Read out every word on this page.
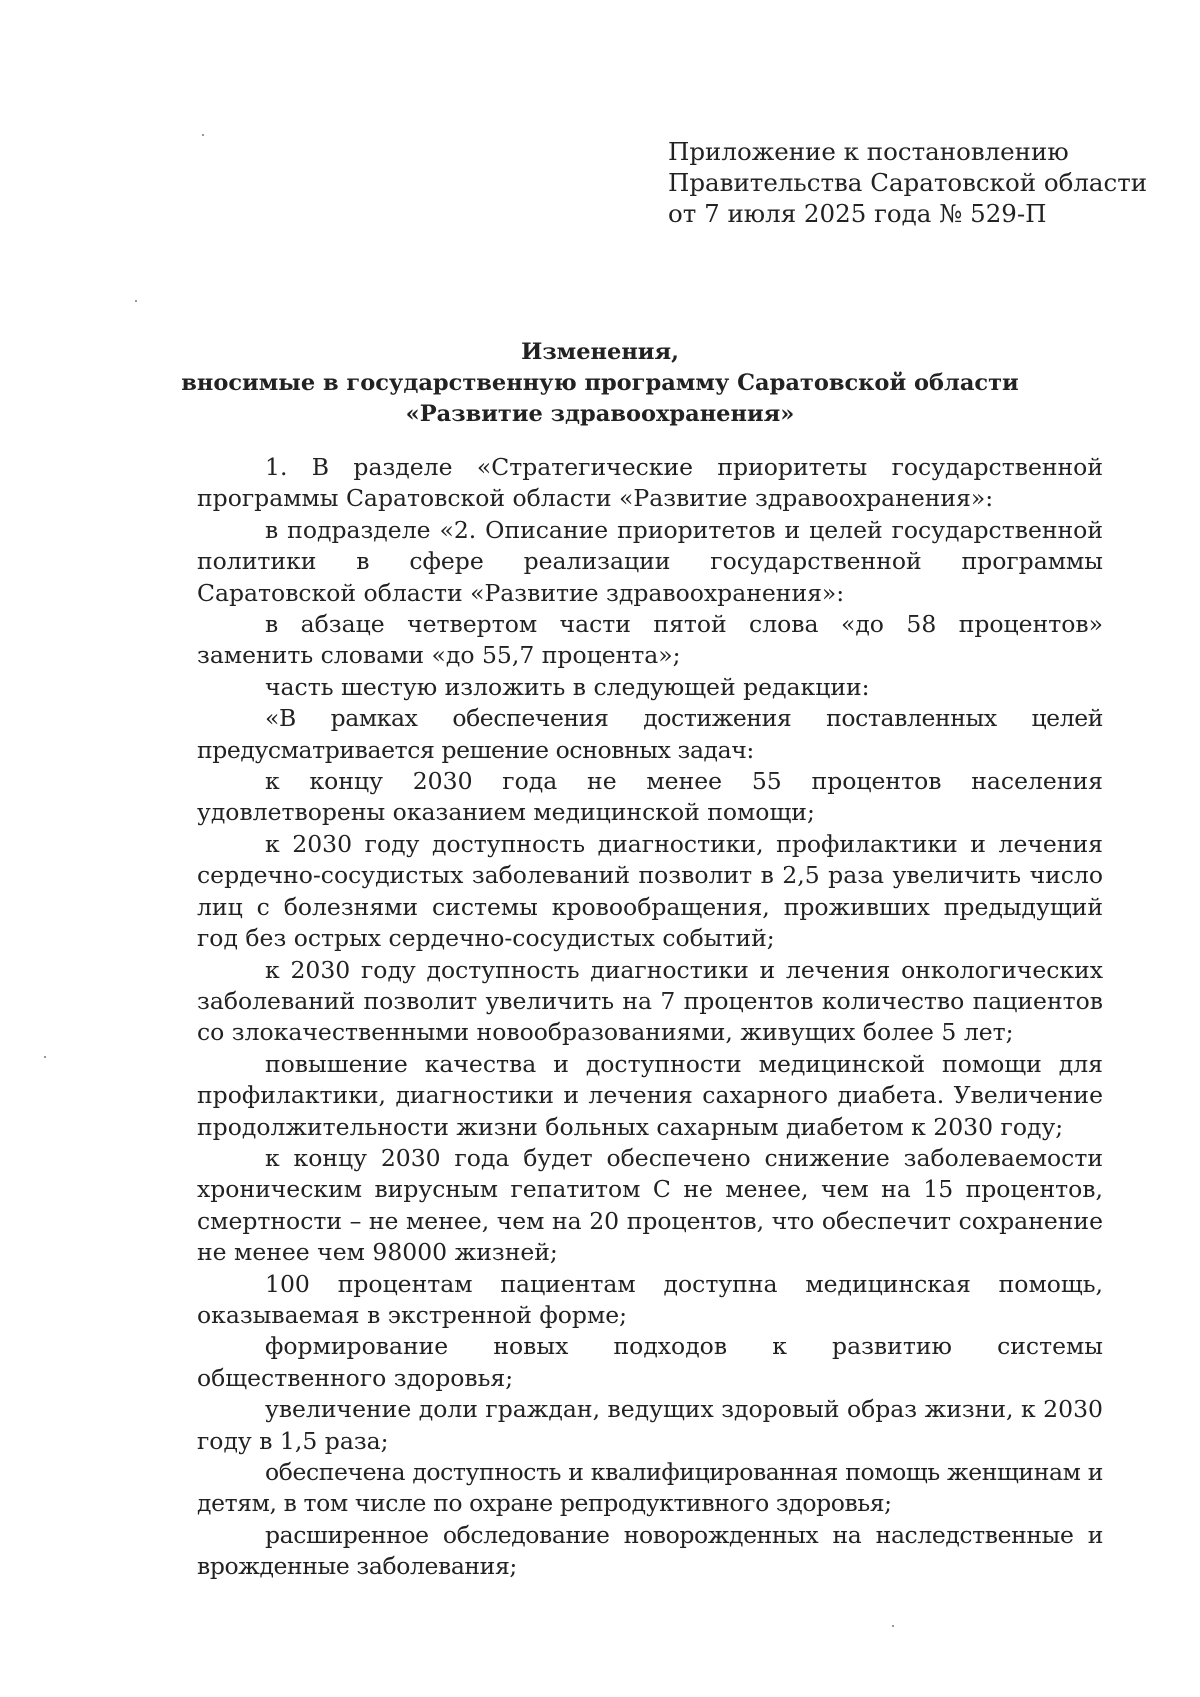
Приложение к постановлению
Правительства Саратовской области
от 7 июля 2025 года № 529-П
Изменения,
вносимые в государственную программу Саратовской области
«Развитие здравоохранения»

1. В разделе «Стратегические приоритеты государственной программы Саратовской области «Развитие здравоохранения»:

в подразделе «2. Описание приоритетов и целей государственной политики в сфере реализации государственной программы Саратовской области «Развитие здравоохранения»:

в абзаце четвертом части пятой слова «до 58 процентов» заменить словами «до 55,7 процента»;

часть шестую изложить в следующей редакции:

«В рамках обеспечения достижения поставленных целей предусматривается решение основных задач:

к концу 2030 года не менее 55 процентов населения удовлетворены оказанием медицинской помощи;

к 2030 году доступность диагностики, профилактики и лечения сердечно-сосудистых заболеваний позволит в 2,5 раза увеличить число лиц с болезнями системы кровообращения, проживших предыдущий год без острых сердечно-сосудистых событий;

к 2030 году доступность диагностики и лечения онкологических заболеваний позволит увеличить на 7 процентов количество пациентов со злокачественными новообразованиями, живущих более 5 лет;

повышение качества и доступности медицинской помощи для профилактики, диагностики и лечения сахарного диабета. Увеличение продолжительности жизни больных сахарным диабетом к 2030 году;

к концу 2030 года будет обеспечено снижение заболеваемости хроническим вирусным гепатитом С не менее, чем на 15 процентов, смертности – не менее, чем на 20 процентов, что обеспечит сохранение не менее чем 98000 жизней;

100 процентам пациентам доступна медицинская помощь, оказываемая в экстренной форме;

формирование новых подходов к развитию системы общественного здоровья;

увеличение доли граждан, ведущих здоровый образ жизни, к 2030 году в 1,5 раза;

обеспечена доступность и квалифицированная помощь женщинам и детям, в том числе по охране репродуктивного здоровья;

расширенное обследование новорожденных на наследственные и врожденные заболевания;
